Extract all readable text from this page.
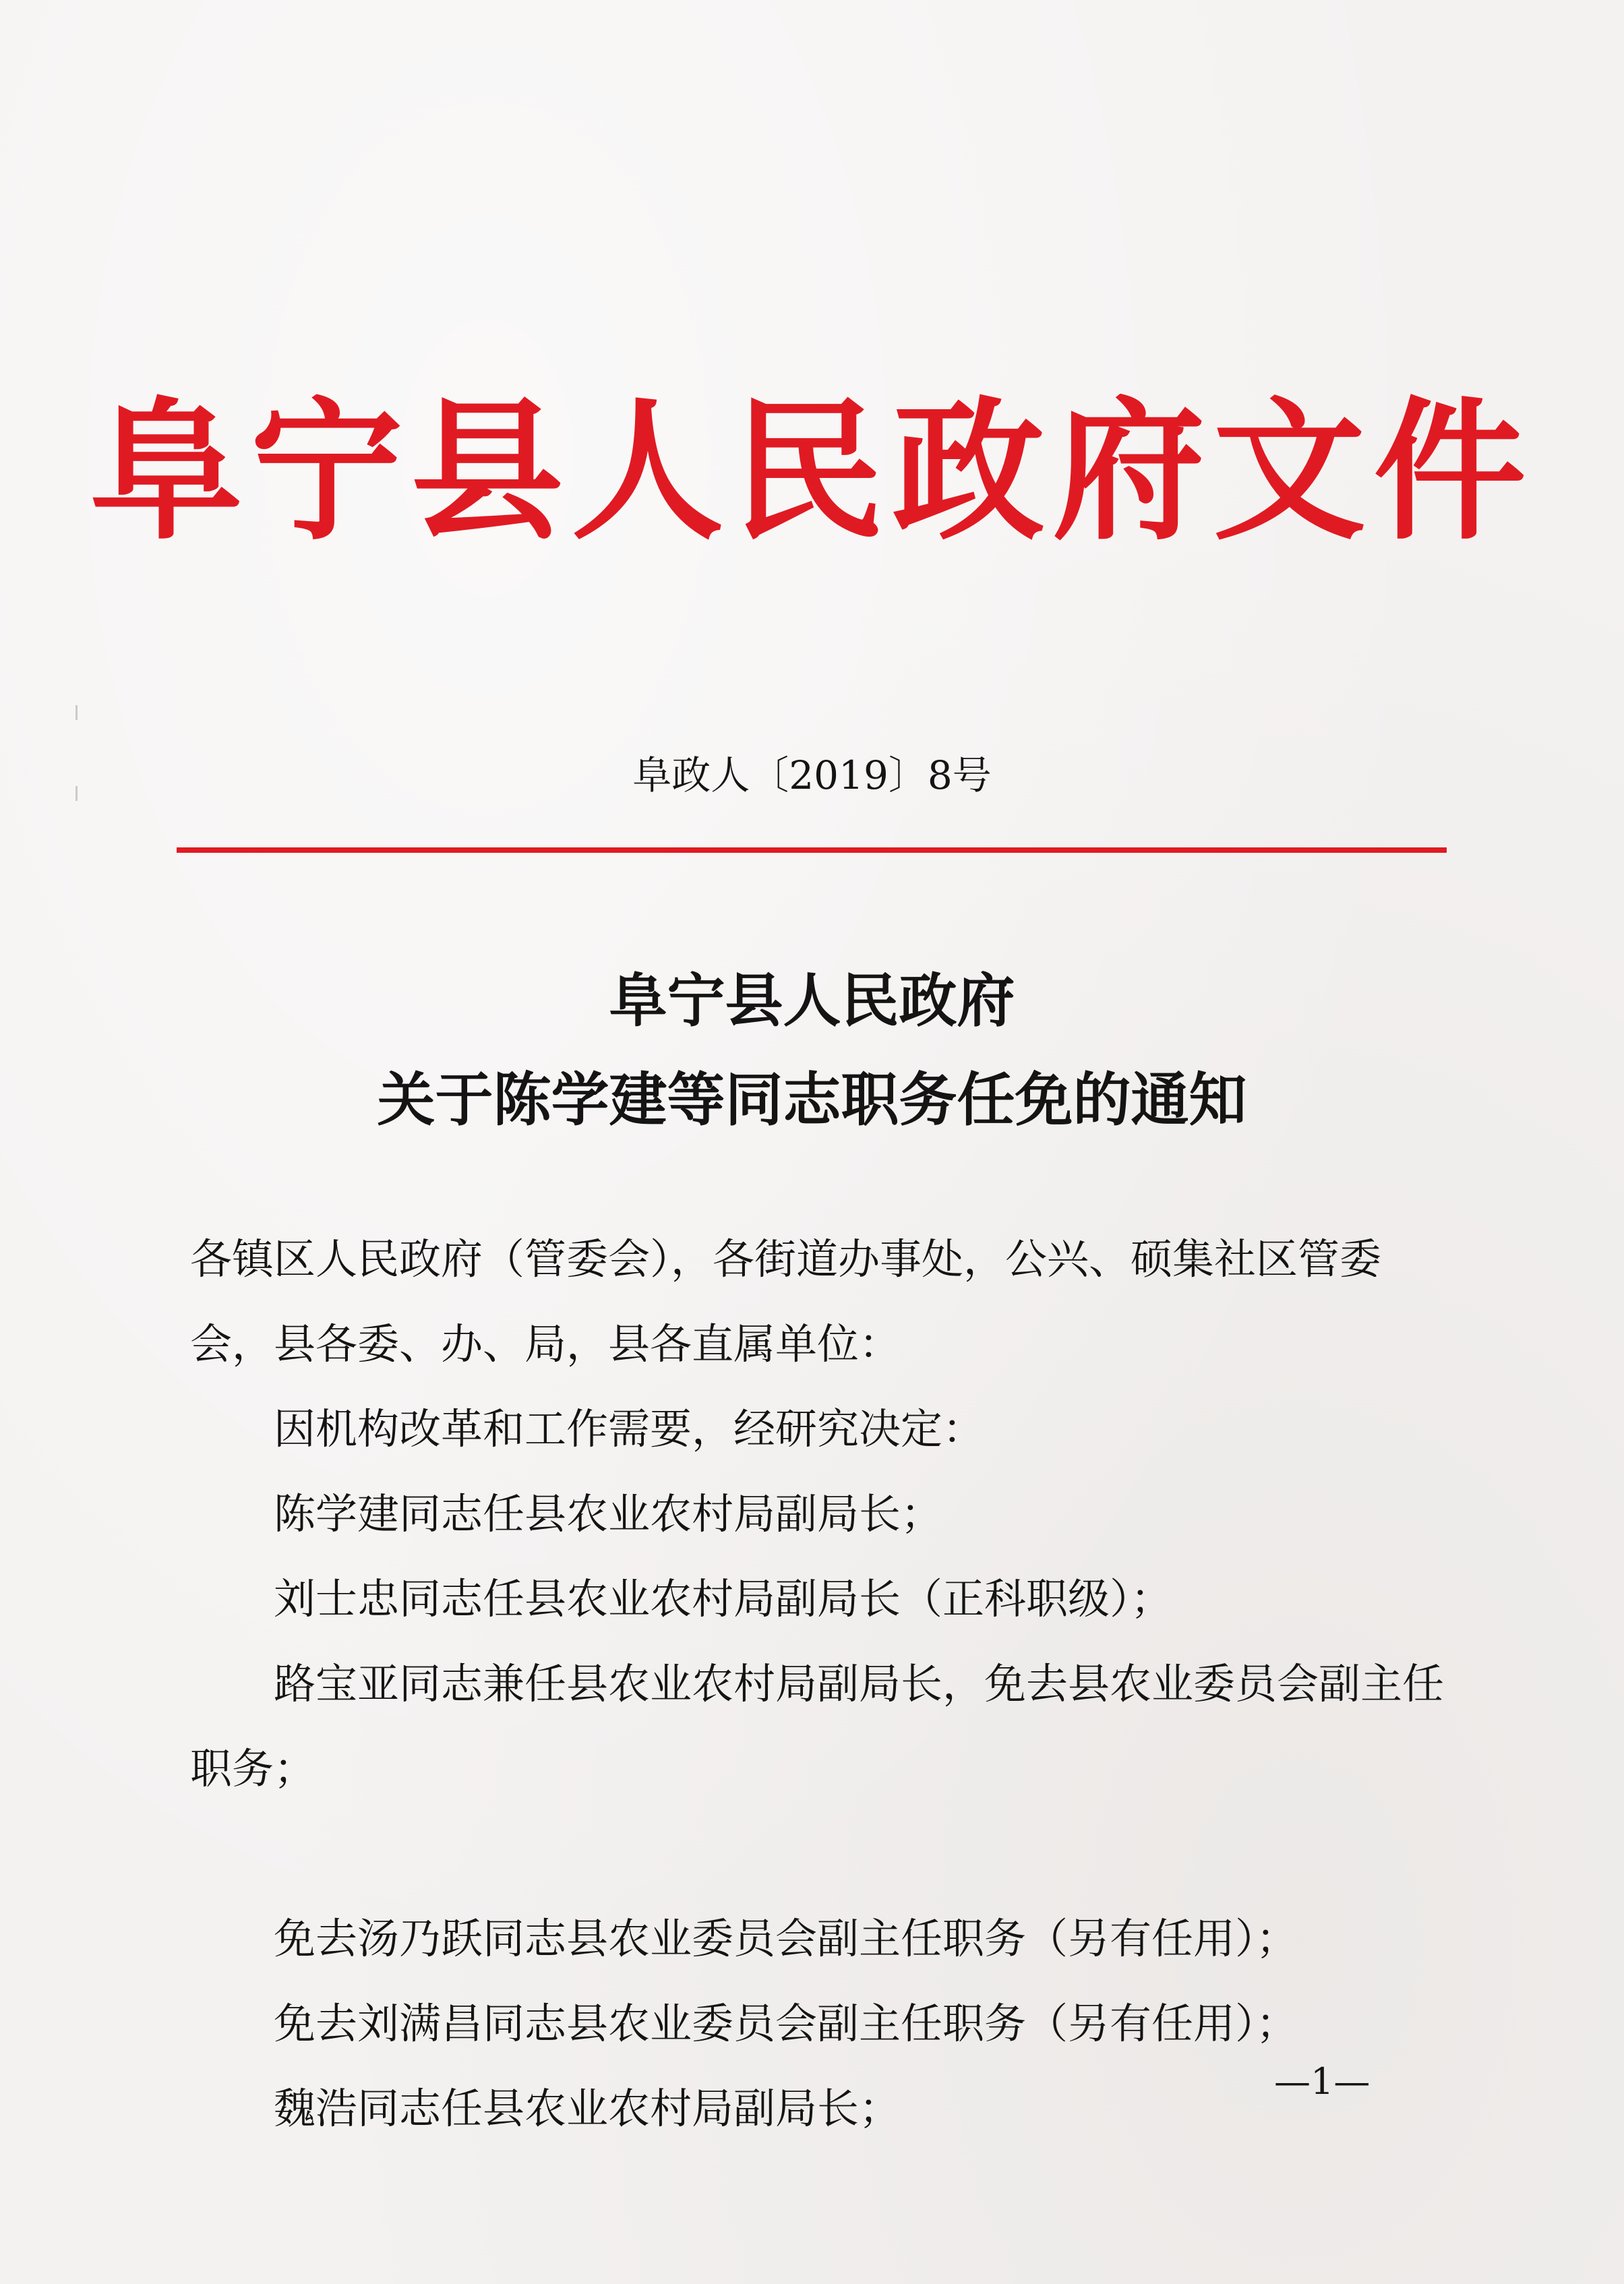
阜宁县人民政府文件
阜政人〔2019〕8号
阜宁县人民政府
关于陈学建等同志职务任免的通知
各镇区人民政府（管委会），各街道办事处，公兴、硕集社区管委会，县各委、办、局，县各直属单位：
因机构改革和工作需要，经研究决定：
陈学建同志任县农业农村局副局长；
刘士忠同志任县农业农村局副局长（正科职级）；
路宝亚同志兼任县农业农村局副局长，免去县农业委员会副主任职务；
免去汤乃跃同志县农业委员会副主任职务（另有任用）；
免去刘满昌同志县农业委员会副主任职务（另有任用）；
魏浩同志任县农业农村局副局长；
—1—
